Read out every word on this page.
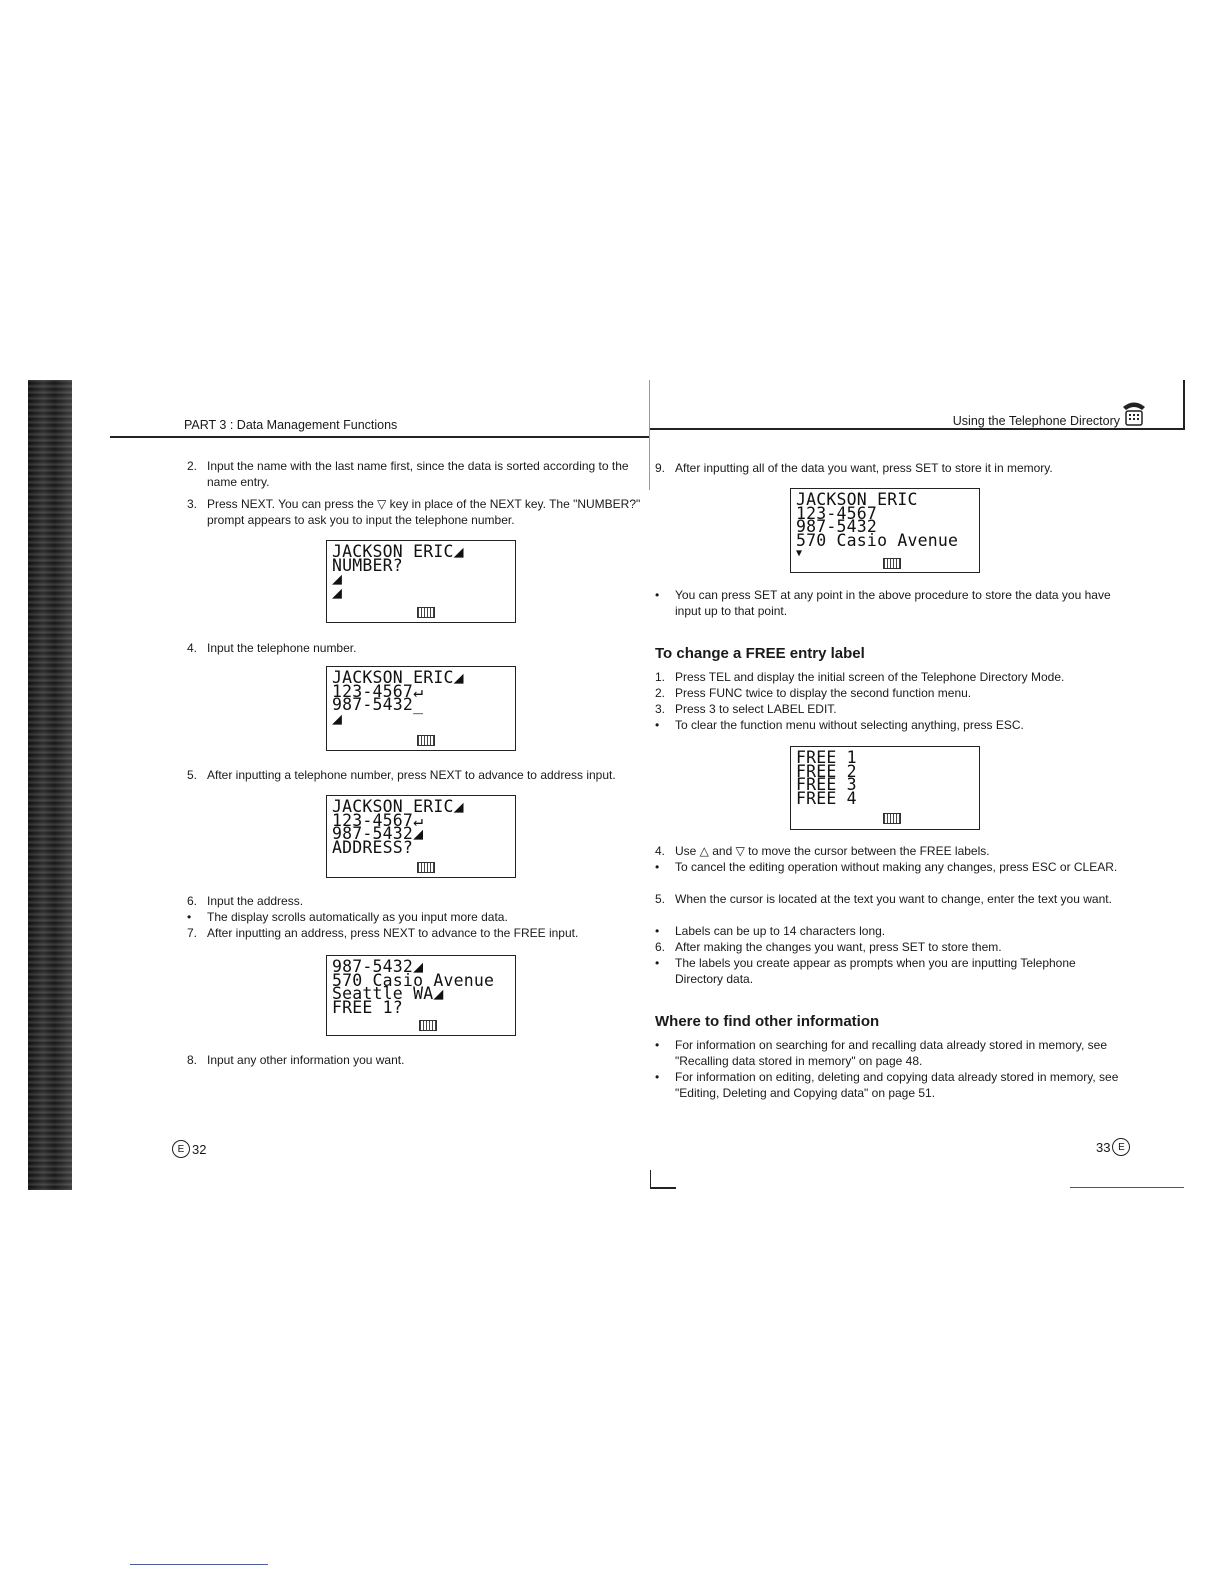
PART 3 : Data Management Functions	Using the Telephone Directory
2. Input the name with the last name first, since the data is sorted according to the name entry.
3. Press NEXT. You can press the ▽ key in place of the NEXT key. The "NUMBER?" prompt appears to ask you to input the telephone number.
JACKSON ERIC◢
NUMBER?
◢
◢
4. Input the telephone number.
JACKSON ERIC◢
123-4567↵
987-5432_
◢
5. After inputting a telephone number, press NEXT to advance to address input.
JACKSON ERIC◢
123-4567↵
987-5432◢
ADDRESS?
6. Input the address.
• The display scrolls automatically as you input more data.
7. After inputting an address, press NEXT to advance to the FREE input.
987-5432◢
570 Casio Avenue
Seattle WA◢
FREE 1?
8. Input any other information you want.
E 32
9. After inputting all of the data you want, press SET to store it in memory.
JACKSON ERIC
123-4567
987-5432
570 Casio Avenue
▼
• You can press SET at any point in the above procedure to store the data you have input up to that point.
To change a FREE entry label
1. Press TEL and display the initial screen of the Telephone Directory Mode.
2. Press FUNC twice to display the second function menu.
3. Press 3 to select LABEL EDIT.
• To clear the function menu without selecting anything, press ESC.
FREE 1
FREE 2
FREE 3
FREE 4
4. Use △ and ▽ to move the cursor between the FREE labels.
• To cancel the editing operation without making any changes, press ESC or CLEAR.
5. When the cursor is located at the text you want to change, enter the text you want.
• Labels can be up to 14 characters long.
6. After making the changes you want, press SET to store them.
• The labels you create appear as prompts when you are inputting Telephone Directory data.
Where to find other information
• For information on searching for and recalling data already stored in memory, see "Recalling data stored in memory" on page 48.
• For information on editing, deleting and copying data already stored in memory, see "Editing, Deleting and Copying data" on page 51.
33 E
